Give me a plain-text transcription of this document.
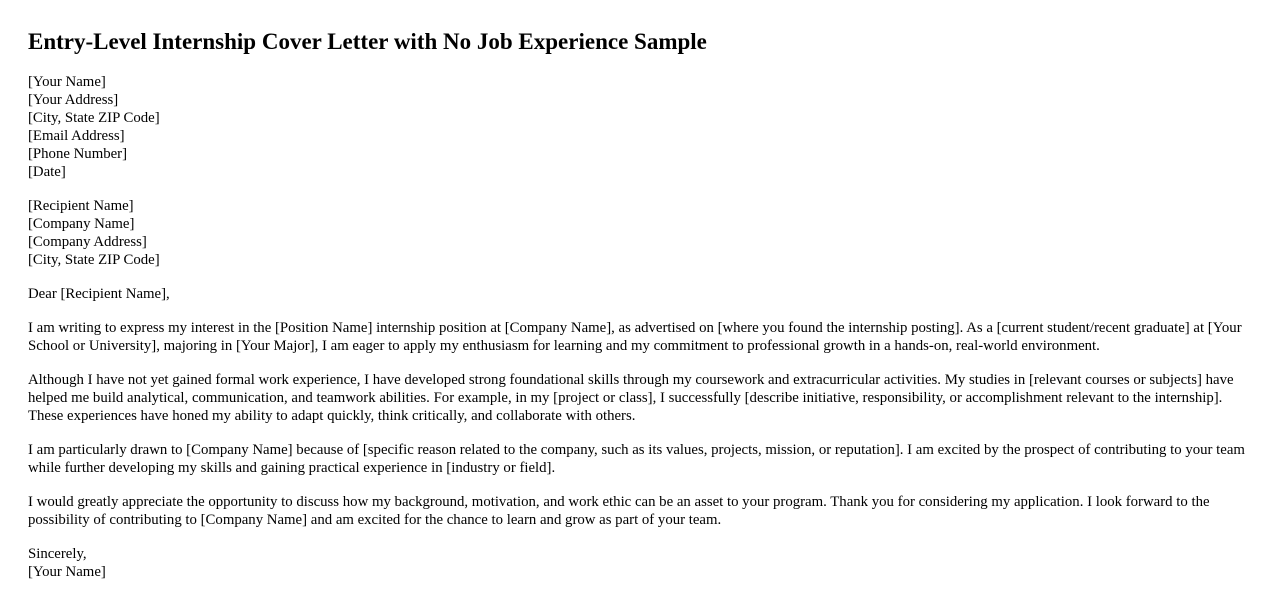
Entry-Level Internship Cover Letter with No Job Experience Sample
[Your Name]
[Your Address]
[City, State ZIP Code]
[Email Address]
[Phone Number]
[Date]
[Recipient Name]
[Company Name]
[Company Address]
[City, State ZIP Code]

Dear [Recipient Name],

I am writing to express my interest in the [Position Name] internship position at [Company Name], as advertised on [where you found the internship posting]. As a [current student/recent graduate] at [Your School or University], majoring in [Your Major], I am eager to apply my enthusiasm for learning and my commitment to professional growth in a hands-on, real-world environment.

Although I have not yet gained formal work experience, I have developed strong foundational skills through my coursework and extracurricular activities. My studies in [relevant courses or subjects] have helped me build analytical, communication, and teamwork abilities. For example, in my [project or class], I successfully [describe initiative, responsibility, or accomplishment relevant to the internship]. These experiences have honed my ability to adapt quickly, think critically, and collaborate with others.

I am particularly drawn to [Company Name] because of [specific reason related to the company, such as its values, projects, mission, or reputation]. I am excited by the prospect of contributing to your team while further developing my skills and gaining practical experience in [industry or field].

I would greatly appreciate the opportunity to discuss how my background, motivation, and work ethic can be an asset to your program. Thank you for considering my application. I look forward to the possibility of contributing to [Company Name] and am excited for the chance to learn and grow as part of your team.

Sincerely,
[Your Name]
